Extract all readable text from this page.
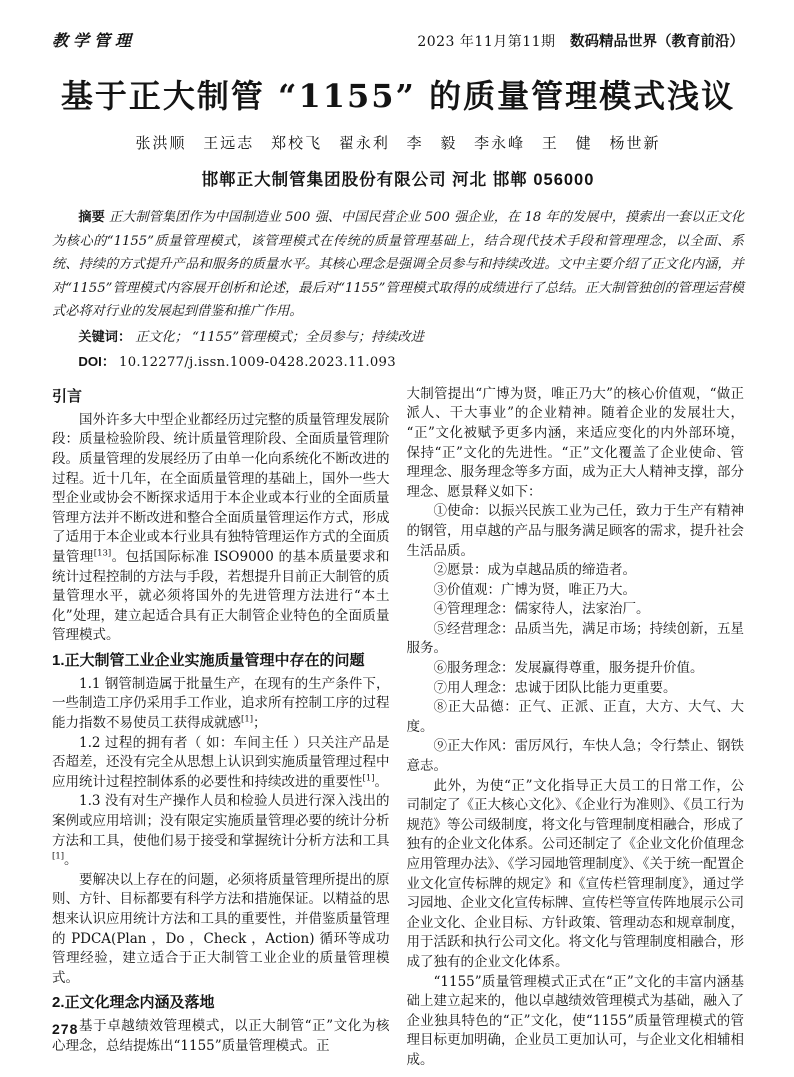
教学管理	2023 年11月第11期 数码精品世界（教育前沿）
基于正大制管 “1155” 的质量管理模式浅议
张洪顺 王远志 郑校飞 翟永利 李 毅 李永峰 王 健 杨世新
邯郸正大制管集团股份有限公司 河北 邯郸 056000

摘要 正大制管集团作为中国制造业 500 强、中国民营企业 500 强企业，在 18 年的发展中，摸索出一套以正文化为核心的“1155”质量管理模式，该管理模式在传统的质量管理基础上，结合现代技术手段和管理理念，以全面、系统、持续的方式提升产品和服务的质量水平。其核心理念是强调全员参与和持续改进。文中主要介绍了正文化内涵，并对“1155”管理模式内容展开创析和论述，最后对“1155”管理模式取得的成绩进行了总结。正大制管独创的管理运营模式必将对行业的发展起到借鉴和推广作用。

关键词： 正文化； “1155”管理模式；全员参与；持续改进

DOI： 10.12277/j.issn.1009-0428.2023.11.093

引言

国外许多大中型企业都经历过完整的质量管理发展阶段：质量检验阶段、统计质量管理阶段、全面质量管理阶段。质量管理的发展经历了由单一化向系统化不断改进的过程。近十几年，在全面质量管理的基础上，国外一些大型企业或协会不断探求适用于本企业或本行业的全面质量管理方法并不断改进和整合全面质量管理运作方式，形成了适用于本企业或本行业具有独特管理运作方式的全面质量管理[13]。包括国际标准 ISO9000 的基本质量要求和统计过程控制的方法与手段，若想提升目前正大制管的质量管理水平，就必须将国外的先进管理方法进行“本土化”处理，建立起适合具有正大制管企业特色的全面质量管理模式。

1.正大制管工业企业实施质量管理中存在的问题

1.1 钢管制造属于批量生产，在现有的生产条件下，一些制造工序仍采用手工作业，追求所有控制工序的过程能力指数不易使员工获得成就感[1]；

1.2 过程的拥有者（ 如：车间主任 ）只关注产品是否超差，还没有完全从思想上认识到实施质量管理过程中应用统计过程控制体系的必要性和持续改进的重要性[1]。

1.3 没有对生产操作人员和检验人员进行深入浅出的案例或应用培训；没有限定实施质量管理必要的统计分析方法和工具，使他们易于接受和掌握统计分析方法和工具[1]。

要解决以上存在的问题，必须将质量管理所提出的原则、方针、目标都要有科学方法和措施保证。以精益的思想来认识应用统计方法和工具的重要性，并借鉴质量管理的 PDCA(Plan ，Do ，Check ，Action) 循环等成功管理经验，建立适合于正大制管工业企业的质量管理模式。

2.正文化理念内涵及落地

基于卓越绩效管理模式，以正大制管“正”文化为核心理念，总结提炼出“1155”质量管理模式。正

大制管提出“广博为贤，唯正乃大”的核心价值观，“做正派人、干大事业”的企业精神。随着企业的发展壮大，“正”文化被赋予更多内涵，来适应变化的内外部环境，保持“正”文化的先进性。“正”文化覆盖了企业使命、管理理念、服务理念等多方面，成为正大人精神支撑，部分理念、愿景释义如下：

①使命：以振兴民族工业为己任，致力于生产有精神的钢管，用卓越的产品与服务满足顾客的需求，提升社会生活品质。

②愿景：成为卓越品质的缔造者。

③价值观：广博为贤，唯正乃大。

④管理理念：儒家待人，法家治厂。

⑤经营理念：品质当先，满足市场；持续创新，五星服务。

⑥服务理念：发展赢得尊重，服务提升价值。

⑦用人理念：忠诚于团队比能力更重要。

⑧正大品德：正气、正派、正直，大方、大气、大度。

⑨正大作风：雷厉风行，车快人急；令行禁止、钢铁意志。

此外，为使“正”文化指导正大员工的日常工作，公司制定了《正大核心文化》、《企业行为准则》、《员工行为规范》等公司级制度，将文化与管理制度相融合，形成了独有的企业文化体系。公司还制定了《企业文化价值理念应用管理办法》、《学习园地管理制度》、《关于统一配置企业文化宣传标牌的规定》和《宣传栏管理制度》，通过学习园地、企业文化宣传标牌、宣传栏等宣传阵地展示公司企业文化、企业目标、方针政策、管理动态和规章制度，用于活跃和执行公司文化。将文化与管理制度相融合，形成了独有的企业文化体系。

“1155”质量管理模式正式在“正”文化的丰富内涵基础上建立起来的，他以卓越绩效管理模式为基础，融入了企业独具特色的“正”文化，使“1155”质量管理模式的管理目标更加明确，企业员工更加认可，与企业文化相辅相成。

278
